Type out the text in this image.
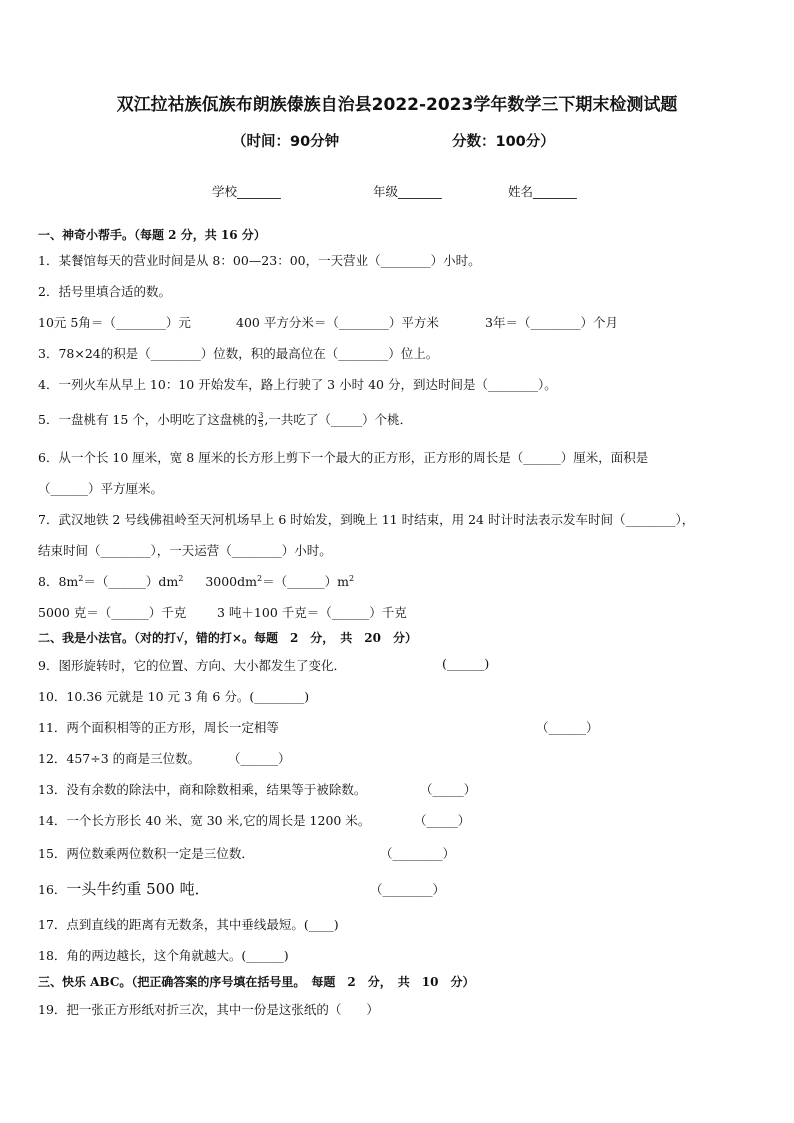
双江拉祜族佤族布朗族傣族自治县2022-2023学年数学三下期末检测试题
（时间：90分钟	分数：100分）
学校_______	年级_______	姓名_______
一、神奇小帮手。（每题 2 分，共 16 分）
1．某餐馆每天的营业时间是从 8：00—23：00，一天营业（________）小时。
2．括号里填合适的数。
10元 5角＝（________）元	400 平方分米＝（________）平方米	3年＝（________）个月
3．78×24的积是（________）位数，积的最高位在（________）位上。
4．一列火车从早上 10：10 开始发车，路上行驶了 3 小时 40 分，到达时间是（________）。
5．一盘桃有 15 个，小明吃了这盘桃的 $\frac{3}{5}$ ,一共吃了（_____）个桃．
6．从一个长 10 厘米，宽 8 厘米的长方形上剪下一个最大的正方形，正方形的周长是（______）厘米，面积是
（______）平方厘米。
7．武汉地铁 2 号线佛祖岭至天河机场早上 6 时始发，到晚上 11 时结束，用 24 时计时法表示发车时间（________），
结束时间（________），一天运营（________）小时。
8．$8m^2=(\_\_\_\_\_\_)dm^2$ $3000dm^2=(\_\_\_\_\_\_)m^2$
5000 克＝（______）千克 3 吨＋100 千克＝（______）千克
二、我是小法官。（对的打√，错的打×。每题　2　分，　共　20　分）
9．图形旋转时，它的位置、方向、大小都发生了变化．	(______)
10．10.36 元就是 10 元 3 角 6 分。(________)
11．两个面积相等的正方形，周长一定相等	（______）
12．457÷3 的商是三位数。 （______）
13．没有余数的除法中，商和除数相乘，结果等于被除数。	（_____）
14．一个长方形长 40 米、宽 30 米,它的周长是 1200 米。	（_____）
15．两位数乘两位数积一定是三位数．	（________）
16．一头牛约重 500 吨．	（________）
17．点到直线的距离有无数条，其中垂线最短。(____)
18．角的两边越长，这个角就越大。(______)
三、快乐 ABC。（把正确答案的序号填在括号里。　每题　2　分，　共　10　分）
19．把一张正方形纸对折三次，其中一份是这张纸的（　　）
